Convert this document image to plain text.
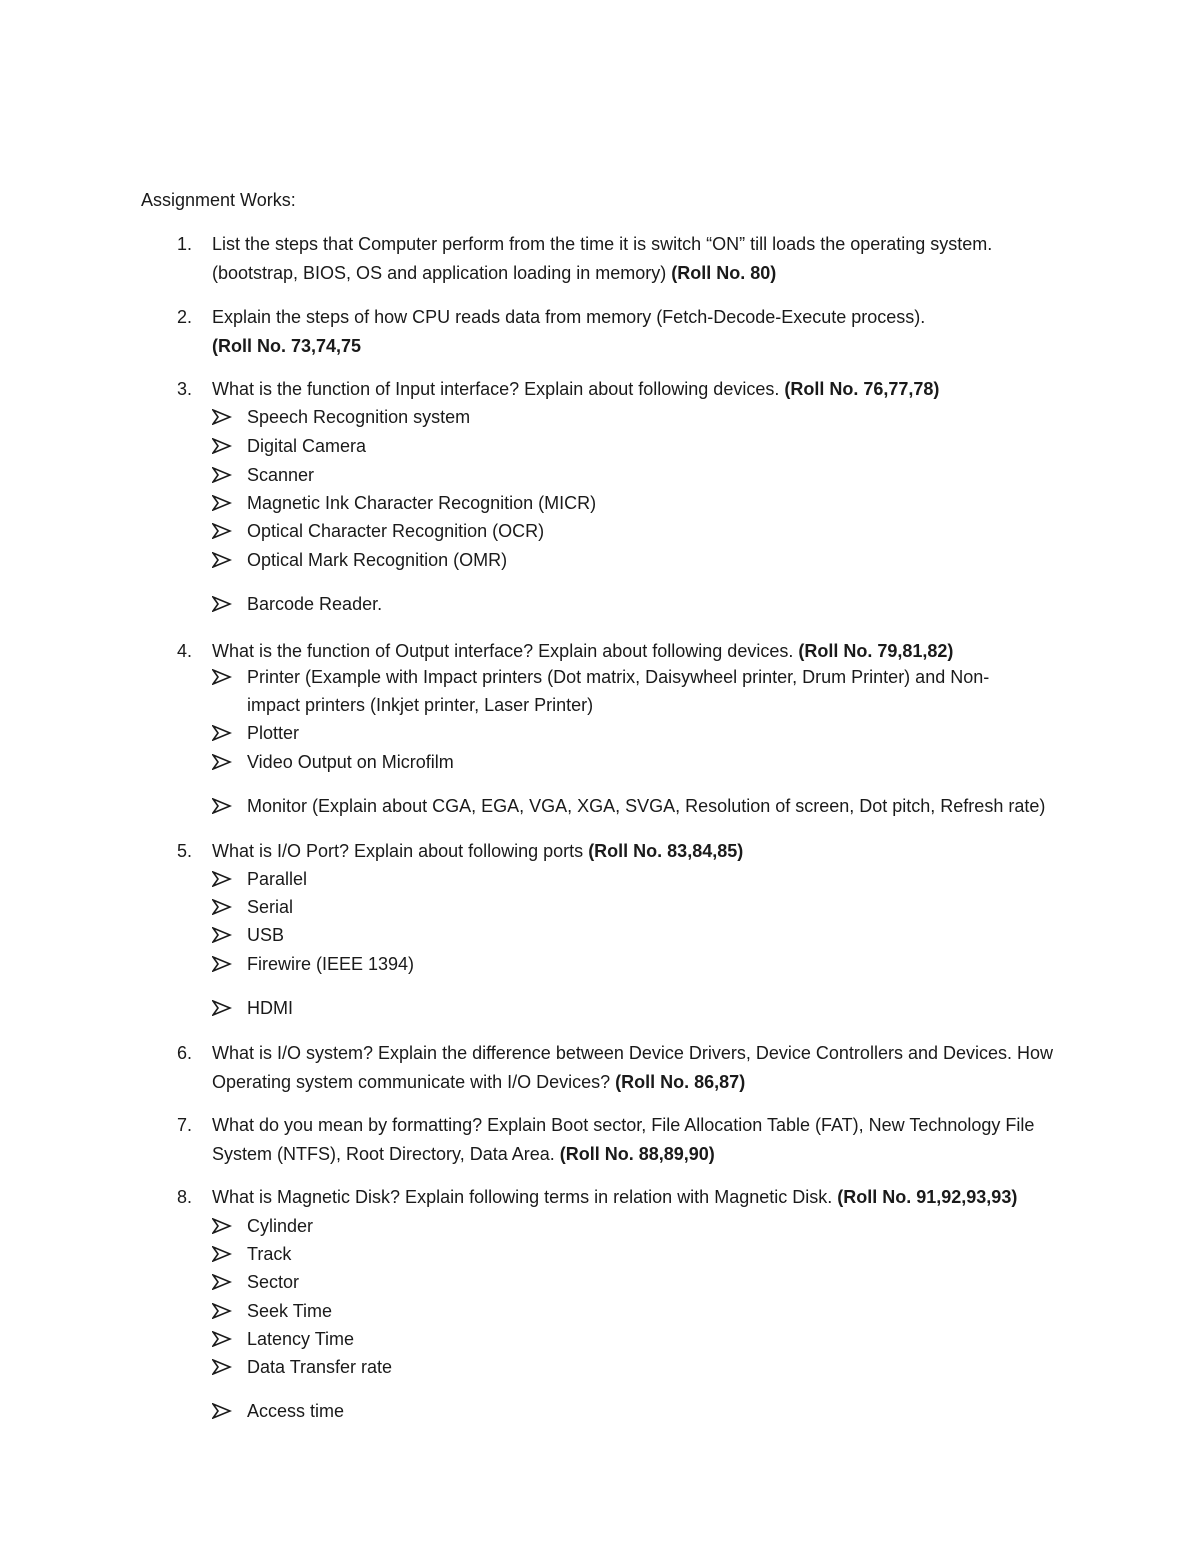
Assignment Works:
1. List the steps that Computer perform from the time it is switch “ON” till loads the operating system.
(bootstrap, BIOS, OS and application loading in memory) (Roll No. 80)
2. Explain the steps of how CPU reads data from memory (Fetch-Decode-Execute process).
(Roll No. 73,74,75
3. What is the function of Input interface? Explain about following devices. (Roll No. 76,77,78)
Speech Recognition system
Digital Camera
Scanner
Magnetic Ink Character Recognition (MICR)
Optical Character Recognition (OCR)
Optical Mark Recognition (OMR)
Barcode Reader.
4. What is the function of Output interface? Explain about following devices. (Roll No. 79,81,82)
Printer (Example with Impact printers (Dot matrix, Daisywheel printer, Drum Printer) and Non-
impact printers (Inkjet printer, Laser Printer)
Plotter
Video Output on Microfilm
Monitor (Explain about CGA, EGA, VGA, XGA, SVGA, Resolution of screen, Dot pitch, Refresh rate)
5. What is I/O Port? Explain about following ports (Roll No. 83,84,85)
Parallel
Serial
USB
Firewire (IEEE 1394)
HDMI
6. What is I/O system? Explain the difference between Device Drivers, Device Controllers and Devices. How
Operating system communicate with I/O Devices? (Roll No. 86,87)
7. What do you mean by formatting? Explain Boot sector, File Allocation Table (FAT), New Technology File
System (NTFS), Root Directory, Data Area. (Roll No. 88,89,90)
8. What is Magnetic Disk? Explain following terms in relation with Magnetic Disk. (Roll No. 91,92,93,93)
Cylinder
Track
Sector
Seek Time
Latency Time
Data Transfer rate
Access time
